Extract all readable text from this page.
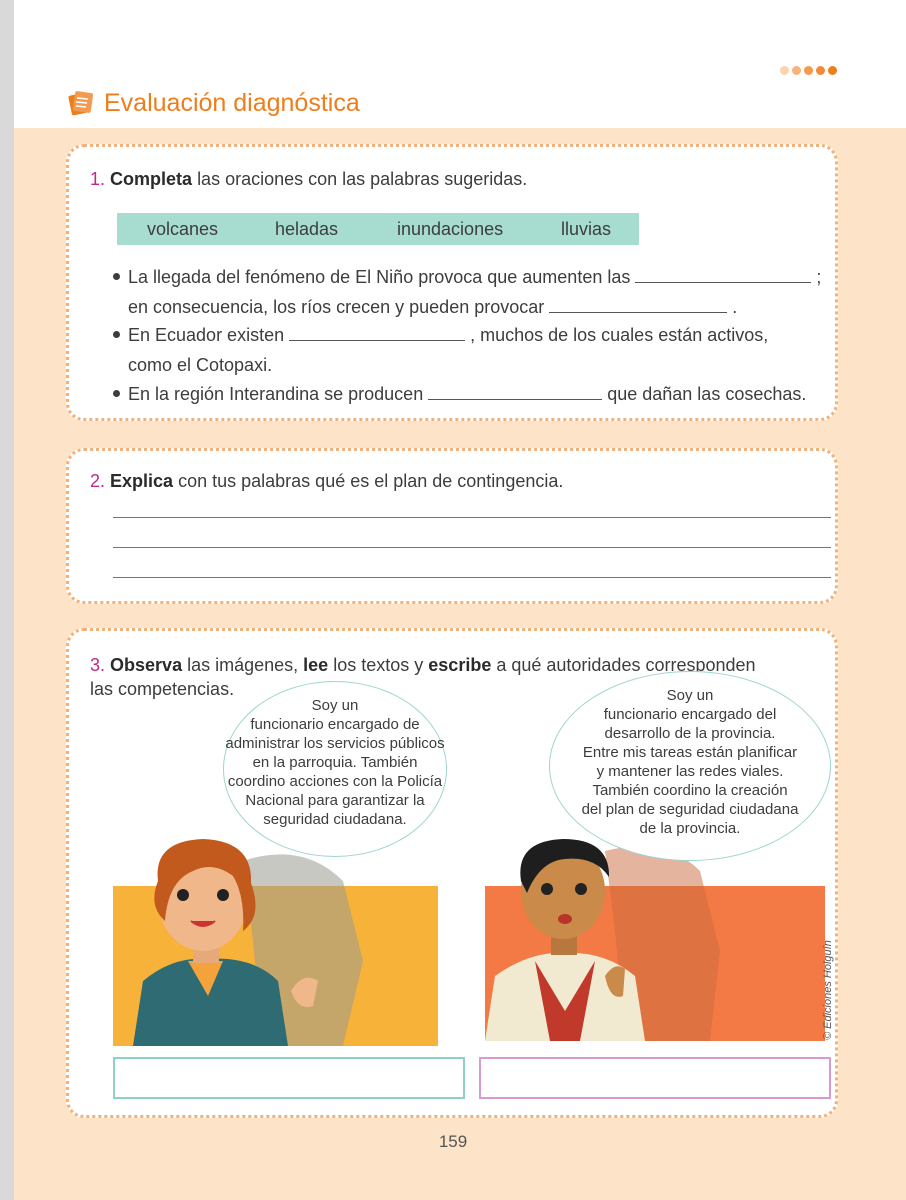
Evaluación diagnóstica
1. Completa las oraciones con las palabras sugeridas.
volcanes	heladas	inundaciones	lluvias
La llegada del fenómeno de El Niño provoca que aumenten las	;
en consecuencia, los ríos crecen y pueden provocar	.
En Ecuador existen	, muchos de los cuales están activos,
como el Cotopaxi.
En la región Interandina se producen	que dañan las cosechas.
2. Explica con tus palabras qué es el plan de contingencia.
3. Observa las imágenes, lee los textos y escribe a qué autoridades corresponden
las competencias.
Soy un
funcionario encargado de
administrar los servicios públicos
en la parroquia. También
coordino acciones con la Policía
Nacional para garantizar la
seguridad ciudadana.
Soy un
funcionario encargado del
desarrollo de la provincia.
Entre mis tareas están planificar
y mantener las redes viales.
También coordino la creación
del plan de seguridad ciudadana
de la provincia.
© Ediciones Holguín
159
